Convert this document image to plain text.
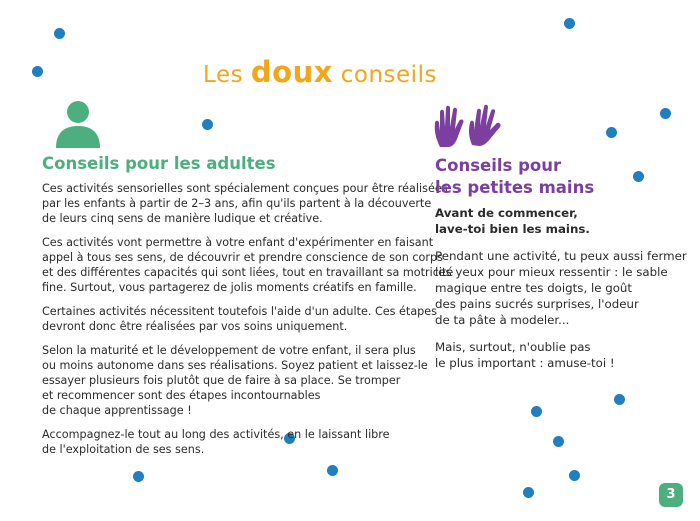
Les doux conseils
Conseils pour les adultes

Ces activités sensorielles sont spécialement conçues pour être réalisées
par les enfants à partir de 2–3 ans, afin qu'ils partent à la découverte
de leurs cinq sens de manière ludique et créative.

Ces activités vont permettre à votre enfant d'expérimenter en faisant
appel à tous ses sens, de découvrir et prendre conscience de son corps
et des différentes capacités qui sont liées, tout en travaillant sa motricité
fine. Surtout, vous partagerez de jolis moments créatifs en famille.

Certaines activités nécessitent toutefois l'aide d'un adulte. Ces étapes
devront donc être réalisées par vos soins uniquement.

Selon la maturité et le développement de votre enfant, il sera plus
ou moins autonome dans ses réalisations. Soyez patient et laissez-le
essayer plusieurs fois plutôt que de faire à sa place. Se tromper
et recommencer sont des étapes incontournables
de chaque apprentissage !

Accompagnez-le tout au long des activités, en le laissant libre
de l'exploitation de ses sens.

Conseils pour
les petites mains

Avant de commencer,
lave-toi bien les mains.

Pendant une activité, tu peux aussi fermer
les yeux pour mieux ressentir : le sable
magique entre tes doigts, le goût
des pains sucrés surprises, l'odeur
de ta pâte à modeler...

Mais, surtout, n'oublie pas
le plus important : amuse-toi !

3
